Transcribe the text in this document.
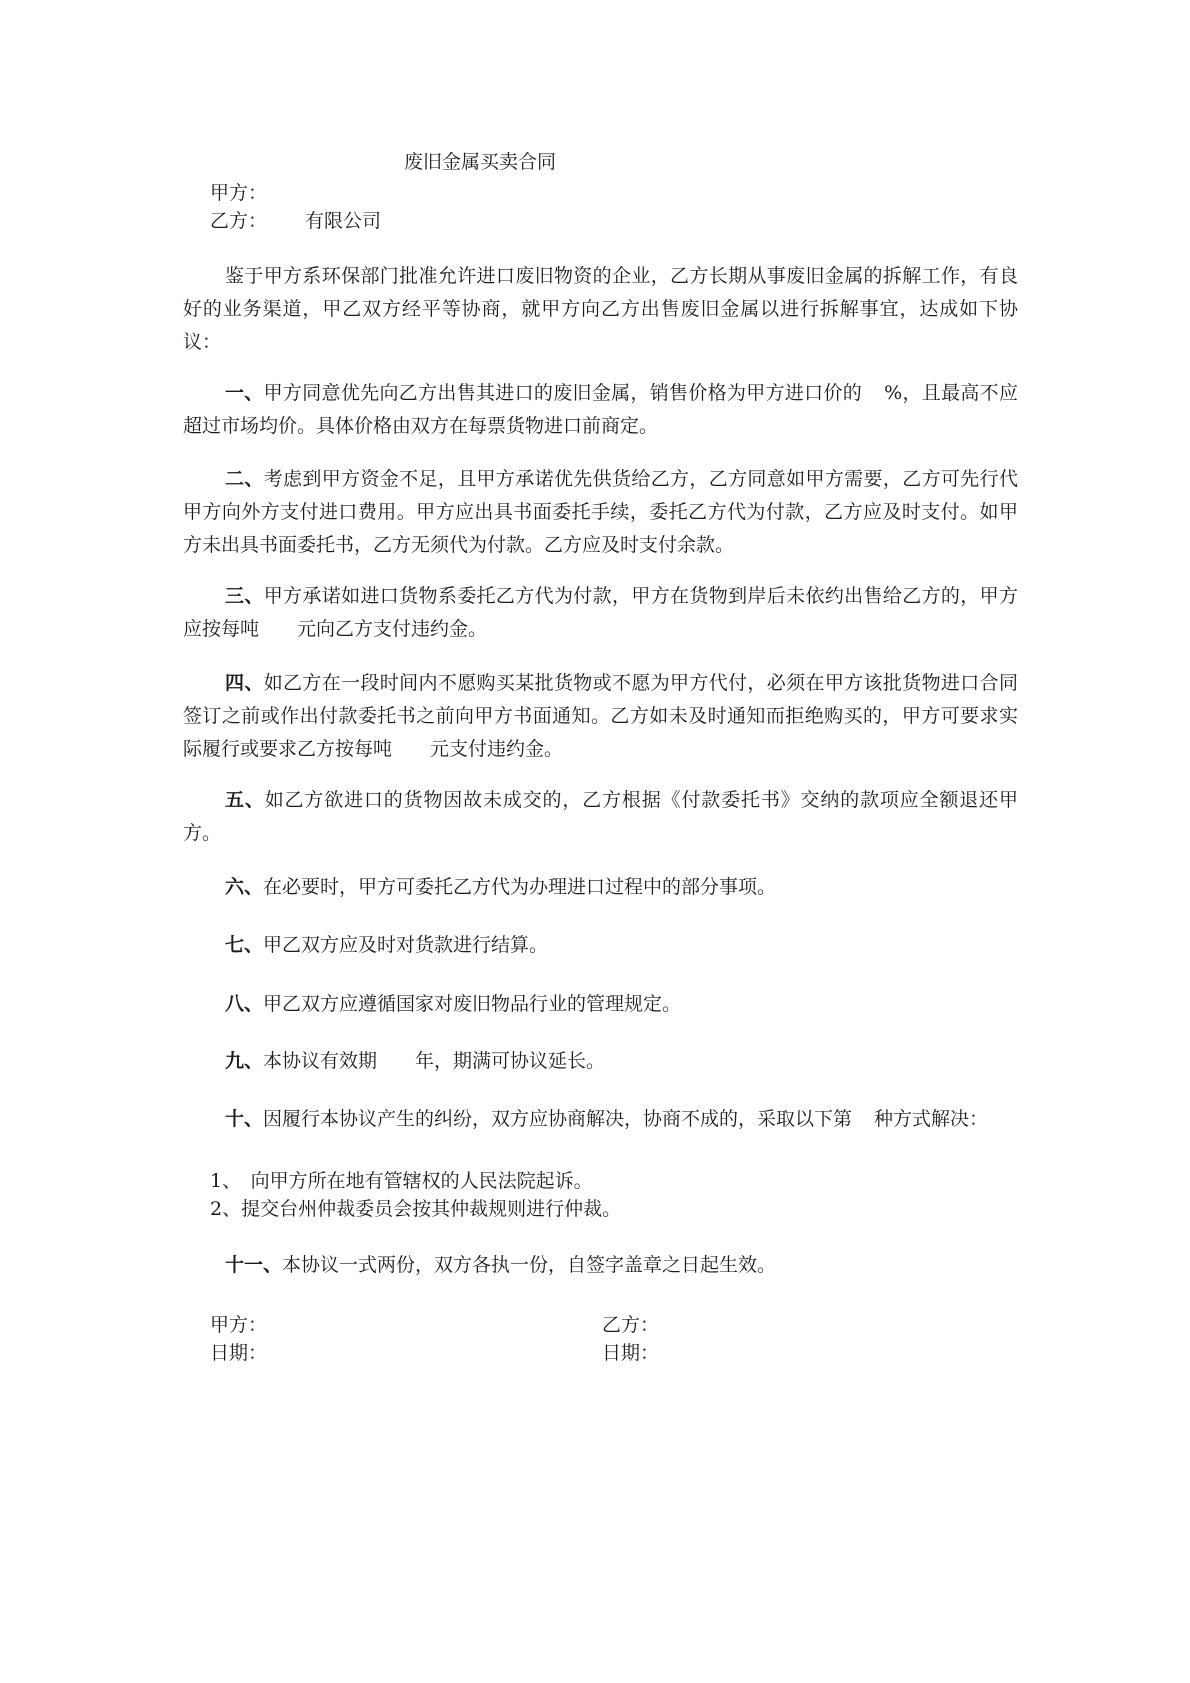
废旧金属买卖合同
甲方：
乙方： 有限公司
鉴于甲方系环保部门批准允许进口废旧物资的企业，乙方长期从事废旧金属的拆解工作，有良好的业务渠道，甲乙双方经平等协商，就甲方向乙方出售废旧金属以进行拆解事宜，达成如下协议：
一、甲方同意优先向乙方出售其进口的废旧金属，销售价格为甲方进口价的 %，且最高不应超过市场均价。具体价格由双方在每票货物进口前商定。
二、考虑到甲方资金不足，且甲方承诺优先供货给乙方，乙方同意如甲方需要，乙方可先行代甲方向外方支付进口费用。甲方应出具书面委托手续，委托乙方代为付款，乙方应及时支付。如甲方未出具书面委托书，乙方无须代为付款。乙方应及时支付余款。
三、甲方承诺如进口货物系委托乙方代为付款，甲方在货物到岸后未依约出售给乙方的，甲方应按每吨 元向乙方支付违约金。
四、如乙方在一段时间内不愿购买某批货物或不愿为甲方代付，必须在甲方该批货物进口合同签订之前或作出付款委托书之前向甲方书面通知。乙方如未及时通知而拒绝购买的，甲方可要求实际履行或要求乙方按每吨 元支付违约金。
五、如乙方欲进口的货物因故未成交的，乙方根据《付款委托书》交纳的款项应全额退还甲方。
六、在必要时，甲方可委托乙方代为办理进口过程中的部分事项。
七、甲乙双方应及时对货款进行结算。
八、甲乙双方应遵循国家对废旧物品行业的管理规定。
九、本协议有效期 年，期满可协议延长。
十、因履行本协议产生的纠纷，双方应协商解决，协商不成的，采取以下第 种方式解决：
1、　向甲方所在地有管辖权的人民法院起诉。
2、提交台州仲裁委员会按其仲裁规则进行仲裁。
十一、本协议一式两份，双方各执一份，自签字盖章之日起生效。
甲方：	乙方：
日期：	日期：
